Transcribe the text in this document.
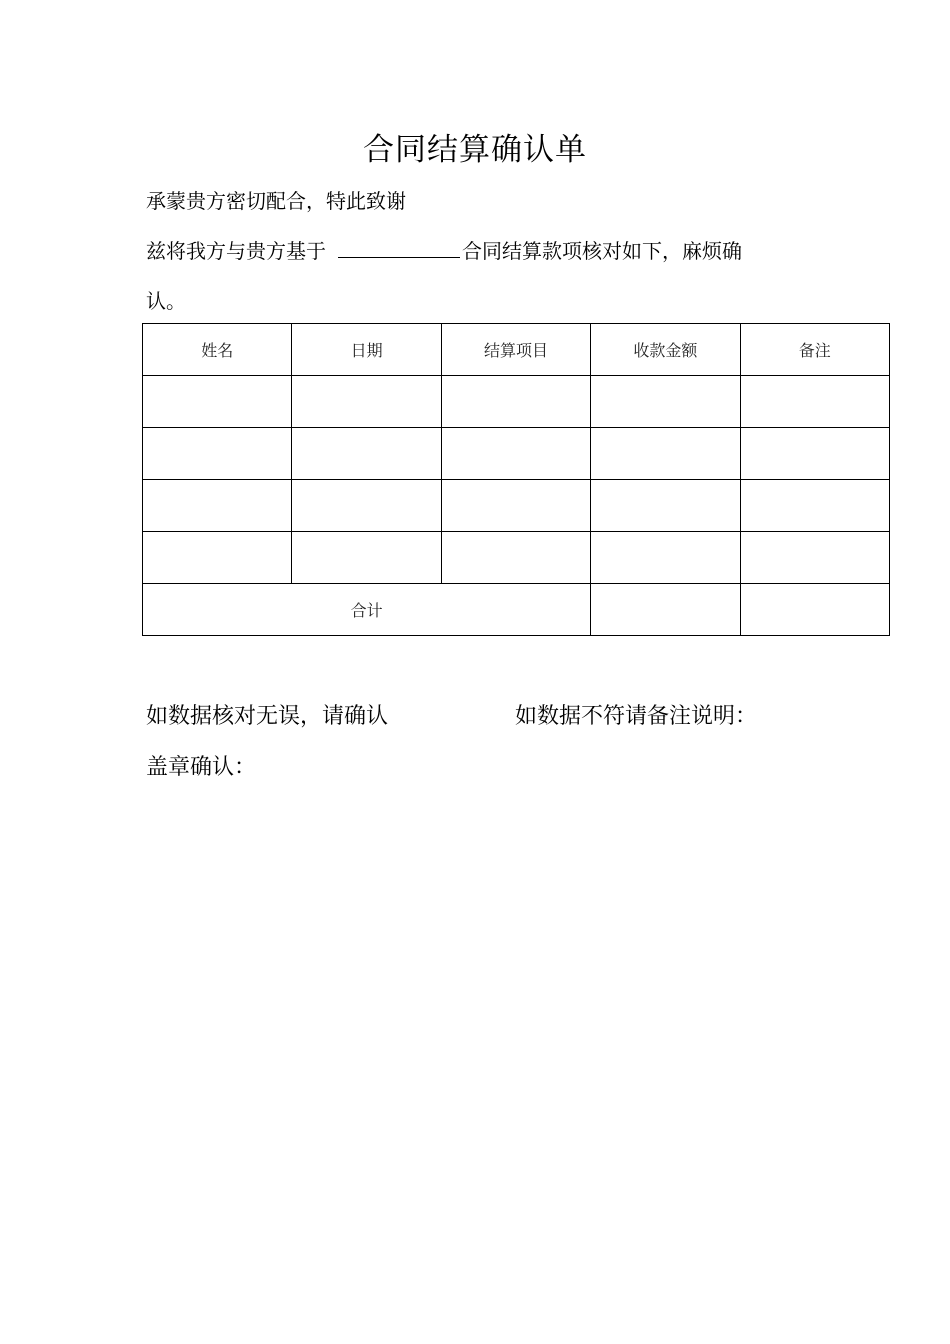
合同结算确认单
承蒙贵方密切配合，特此致谢
兹将我方与贵方基于	合同结算款项核对如下，麻烦确
认。
姓名	日期	结算项目	收款金额	备注

合计				
如数据核对无误，请确认	如数据不符请备注说明：
盖章确认：
